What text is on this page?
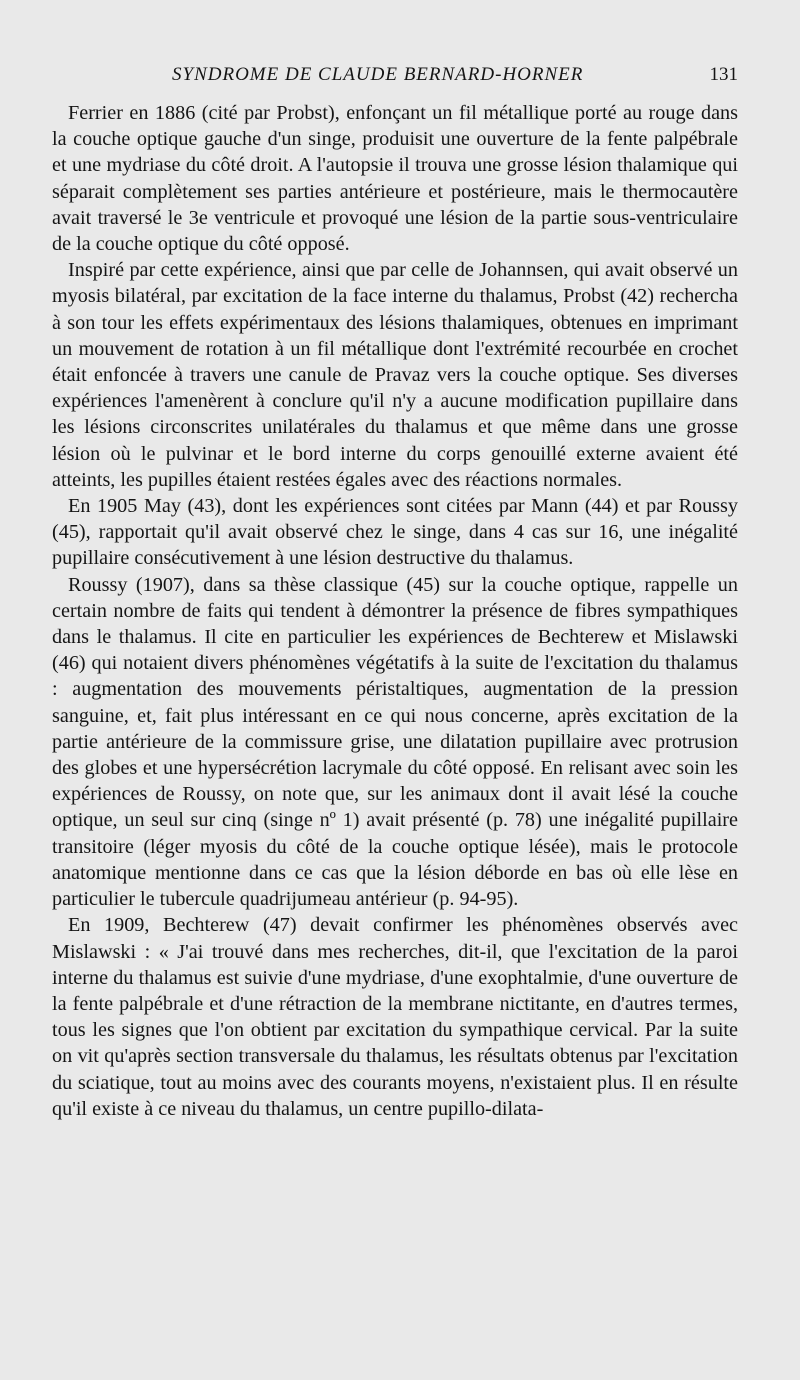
SYNDROME DE CLAUDE BERNARD-HORNER	131

Ferrier en 1886 (cité par Probst), enfonçant un fil métallique porté au rouge dans la couche optique gauche d'un singe, produisit une ouverture de la fente palpébrale et une mydriase du côté droit. A l'autopsie il trouva une grosse lésion thalamique qui séparait complètement ses parties antérieure et postérieure, mais le thermocautère avait traversé le 3e ventricule et provoqué une lésion de la partie sous-ventriculaire de la couche optique du côté opposé.

Inspiré par cette expérience, ainsi que par celle de Johannsen, qui avait observé un myosis bilatéral, par excitation de la face interne du thalamus, Probst (42) rechercha à son tour les effets expérimentaux des lésions thalamiques, obtenues en imprimant un mouvement de rotation à un fil métallique dont l'extrémité recourbée en crochet était enfoncée à travers une canule de Pravaz vers la couche optique. Ses diverses expériences l'amenèrent à conclure qu'il n'y a aucune modification pupillaire dans les lésions circonscrites unilatérales du thalamus et que même dans une grosse lésion où le pulvinar et le bord interne du corps genouillé externe avaient été atteints, les pupilles étaient restées égales avec des réactions normales.

En 1905 May (43), dont les expériences sont citées par Mann (44) et par Roussy (45), rapportait qu'il avait observé chez le singe, dans 4 cas sur 16, une inégalité pupillaire consécutivement à une lésion destructive du thalamus.

Roussy (1907), dans sa thèse classique (45) sur la couche optique, rappelle un certain nombre de faits qui tendent à démontrer la présence de fibres sympathiques dans le thalamus. Il cite en particulier les expériences de Bechterew et Mislawski (46) qui notaient divers phénomènes végétatifs à la suite de l'excitation du thalamus : augmentation des mouvements péristaltiques, augmentation de la pression sanguine, et, fait plus intéressant en ce qui nous concerne, après excitation de la partie antérieure de la commissure grise, une dilatation pupillaire avec protrusion des globes et une hypersécrétion lacrymale du côté opposé. En relisant avec soin les expériences de Roussy, on note que, sur les animaux dont il avait lésé la couche optique, un seul sur cinq (singe nº 1) avait présenté (p. 78) une inégalité pupillaire transitoire (léger myosis du côté de la couche optique lésée), mais le protocole anatomique mentionne dans ce cas que la lésion déborde en bas où elle lèse en particulier le tubercule quadrijumeau antérieur (p. 94-95).

En 1909, Bechterew (47) devait confirmer les phénomènes observés avec Mislawski : « J'ai trouvé dans mes recherches, dit-il, que l'excitation de la paroi interne du thalamus est suivie d'une mydriase, d'une exophtalmie, d'une ouverture de la fente palpébrale et d'une rétraction de la membrane nictitante, en d'autres termes, tous les signes que l'on obtient par excitation du sympathique cervical. Par la suite on vit qu'après section transversale du thalamus, les résultats obtenus par l'excitation du sciatique, tout au moins avec des courants moyens, n'existaient plus. Il en résulte qu'il existe à ce niveau du thalamus, un centre pupillo-dilata-
